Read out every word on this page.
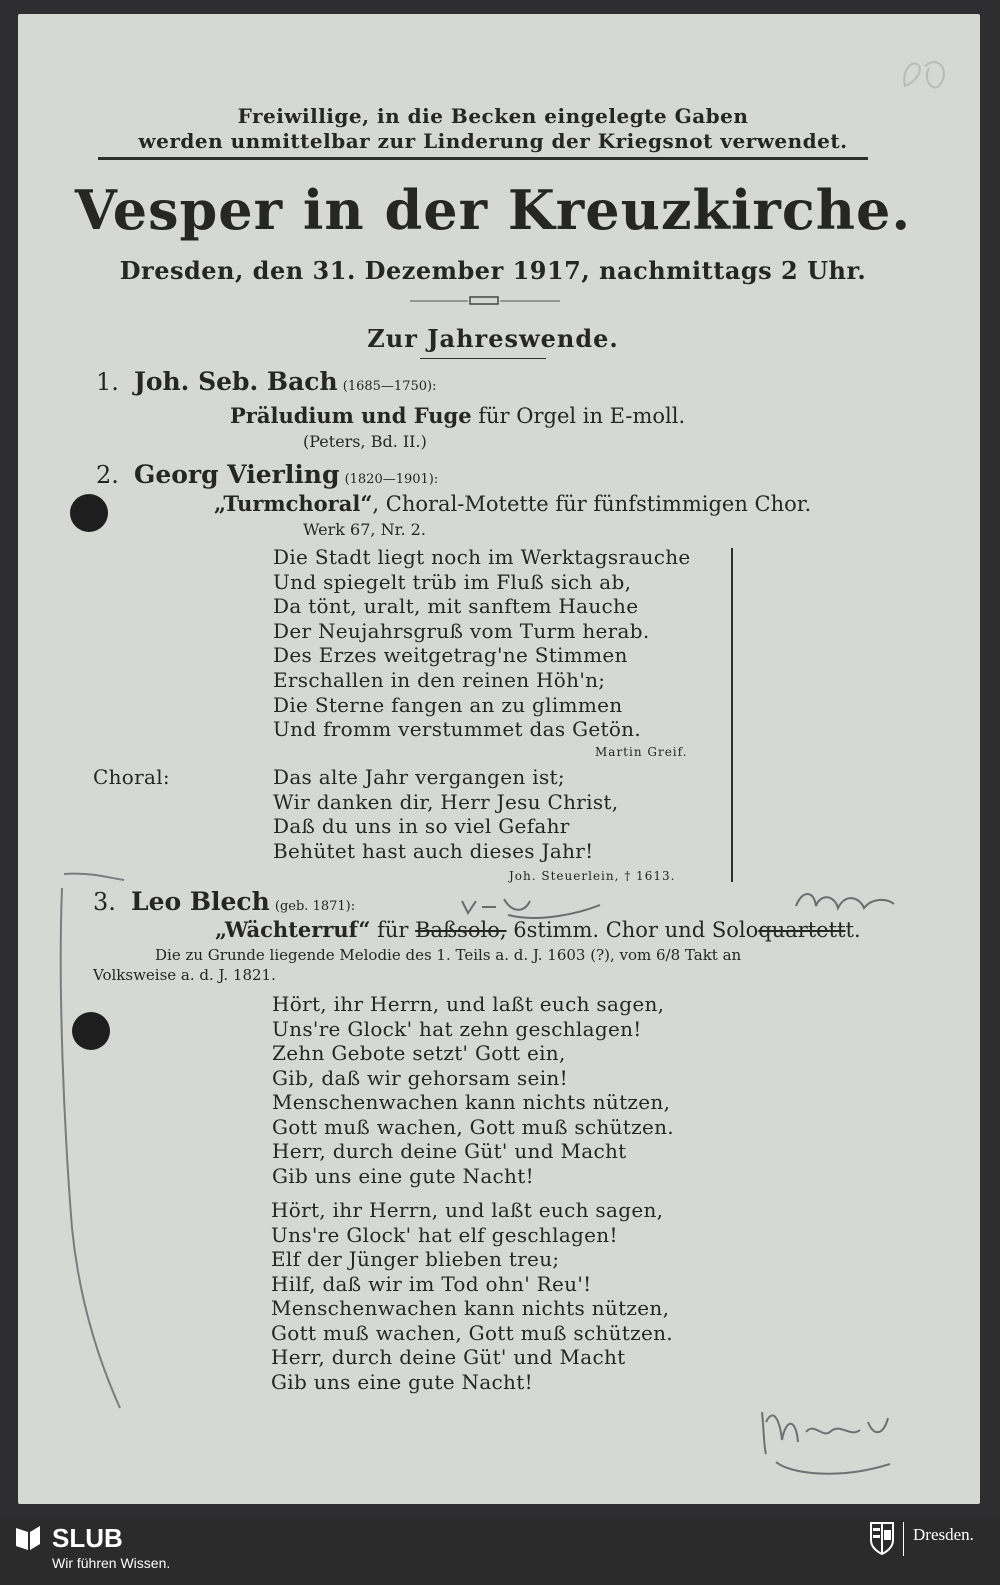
Freiwillige, in die Becken eingelegte Gaben
werden unmittelbar zur Linderung der Kriegsnot verwendet.
Vesper in der Kreuzkirche.
Dresden, den 31. Dezember 1917, nachmittags 2 Uhr.
Zur Jahreswende.
1. Joh. Seb. Bach (1685—1750):
Präludium und Fuge für Orgel in E-moll.
(Peters, Bd. II.)
2. Georg Vierling (1820—1901):
„Turmchoral“, Choral-Motette für fünfstimmigen Chor.
Werk 67, Nr. 2.
Die Stadt liegt noch im Werktagsrauche
Und spiegelt trüb im Fluß sich ab,
Da tönt, uralt, mit sanftem Hauche
Der Neujahrsgruß vom Turm herab.
Des Erzes weitgetrag'ne Stimmen
Erschallen in den reinen Höh'n;
Die Sterne fangen an zu glimmen
Und fromm verstummet das Getön.
Martin Greif.
Choral:	Das alte Jahr vergangen ist;
Wir danken dir, Herr Jesu Christ,
Daß du uns in so viel Gefahr
Behütet hast auch dieses Jahr!
Joh. Steuerlein, † 1613.
3. Leo Blech (geb. 1871):
„Wächterruf“ für Baßsolo, 6stimm. Chor und Soloquartettt.
Die zu Grunde liegende Melodie des 1. Teils a. d. J. 1603 (?), vom 6/8 Takt an
Volksweise a. d. J. 1821.
Hört, ihr Herrn, und laßt euch sagen,
Uns're Glock' hat zehn geschlagen!
Zehn Gebote setzt' Gott ein,
Gib, daß wir gehorsam sein!
Menschenwachen kann nichts nützen,
Gott muß wachen, Gott muß schützen.
Herr, durch deine Güt' und Macht
Gib uns eine gute Nacht!
Hört, ihr Herrn, und laßt euch sagen,
Uns're Glock' hat elf geschlagen!
Elf der Jünger blieben treu;
Hilf, daß wir im Tod ohn' Reu'!
Menschenwachen kann nichts nützen,
Gott muß wachen, Gott muß schützen.
Herr, durch deine Güt' und Macht
Gib uns eine gute Nacht!
SLUB
Wir führen Wissen.
Dresden.
